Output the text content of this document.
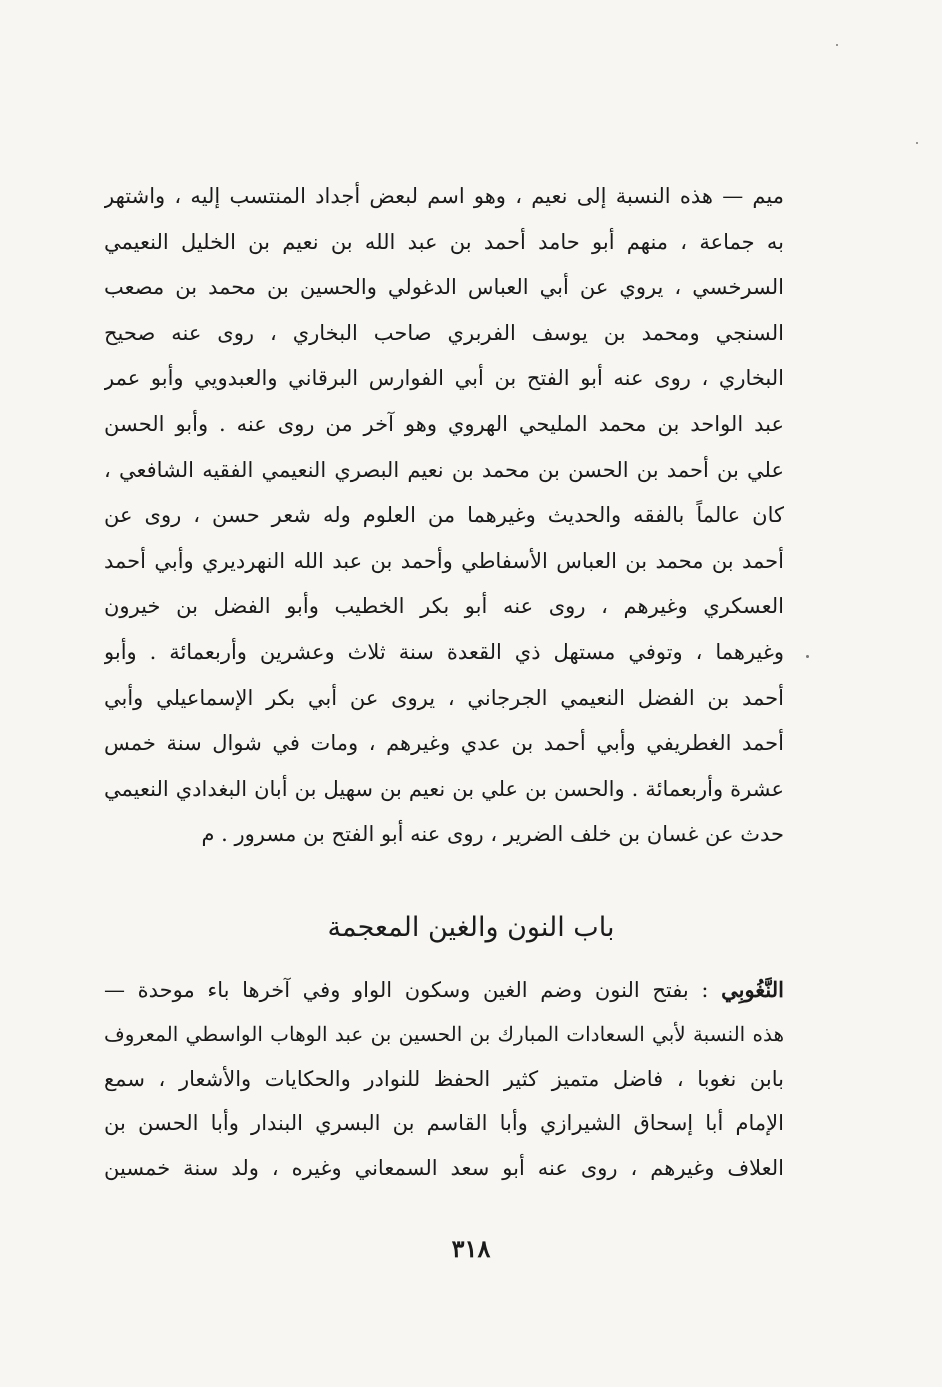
ميم — هذه النسبة إلى نعيم ، وهو اسم لبعض أجداد المنتسب إليه ، واشتهر
به جماعة ، منهم أبو حامد أحمد بن عبد الله بن نعيم بن الخليل النعيمي
السرخسي ، يروي عن أبي العباس الدغولي والحسين بن محمد بن مصعب
السنجي ومحمد بن يوسف الفربري صاحب البخاري ، روى عنه صحيح
البخاري ، روى عنه أبو الفتح بن أبي الفوارس البرقاني والعبدويي وأبو عمر
عبد الواحد بن محمد المليحي الهروي وهو آخر من روى عنه . وأبو الحسن
علي بن أحمد بن الحسن بن محمد بن نعيم البصري النعيمي الفقيه الشافعي ،
كان عالماً بالفقه والحديث وغيرهما من العلوم وله شعر حسن ، روى عن
أحمد بن محمد بن العباس الأسفاطي وأحمد بن عبد الله النهرديري وأبي أحمد
العسكري وغيرهم ، روى عنه أبو بكر الخطيب وأبو الفضل بن خيرون
وغيرهما ، وتوفي مستهل ذي القعدة سنة ثلاث وعشرين وأربعمائة . وأبو
أحمد بن الفضل النعيمي الجرجاني ، يروى عن أبي بكر الإسماعيلي وأبي
أحمد الغطريفي وأبي أحمد بن عدي وغيرهم ، ومات في شوال سنة خمس
عشرة وأربعمائة . والحسن بن علي بن نعيم بن سهيل بن أبان البغدادي النعيمي
حدث عن غسان بن خلف الضرير ، روى عنه أبو الفتح بن مسرور . م
باب النون والغين المعجمة
النَّغُوبِي : بفتح النون وضم الغين وسكون الواو وفي آخرها باء موحدة —
هذه النسبة لأبي السعادات المبارك بن الحسين بن عبد الوهاب الواسطي المعروف
بابن نغوبا ، فاضل متميز كثير الحفظ للنوادر والحكايات والأشعار ، سمع
الإمام أبا إسحاق الشيرازي وأبا القاسم بن البسري البندار وأبا الحسن بن
العلاف وغيرهم ، روى عنه أبو سعد السمعاني وغيره ، ولد سنة خمسين
٣١٨
